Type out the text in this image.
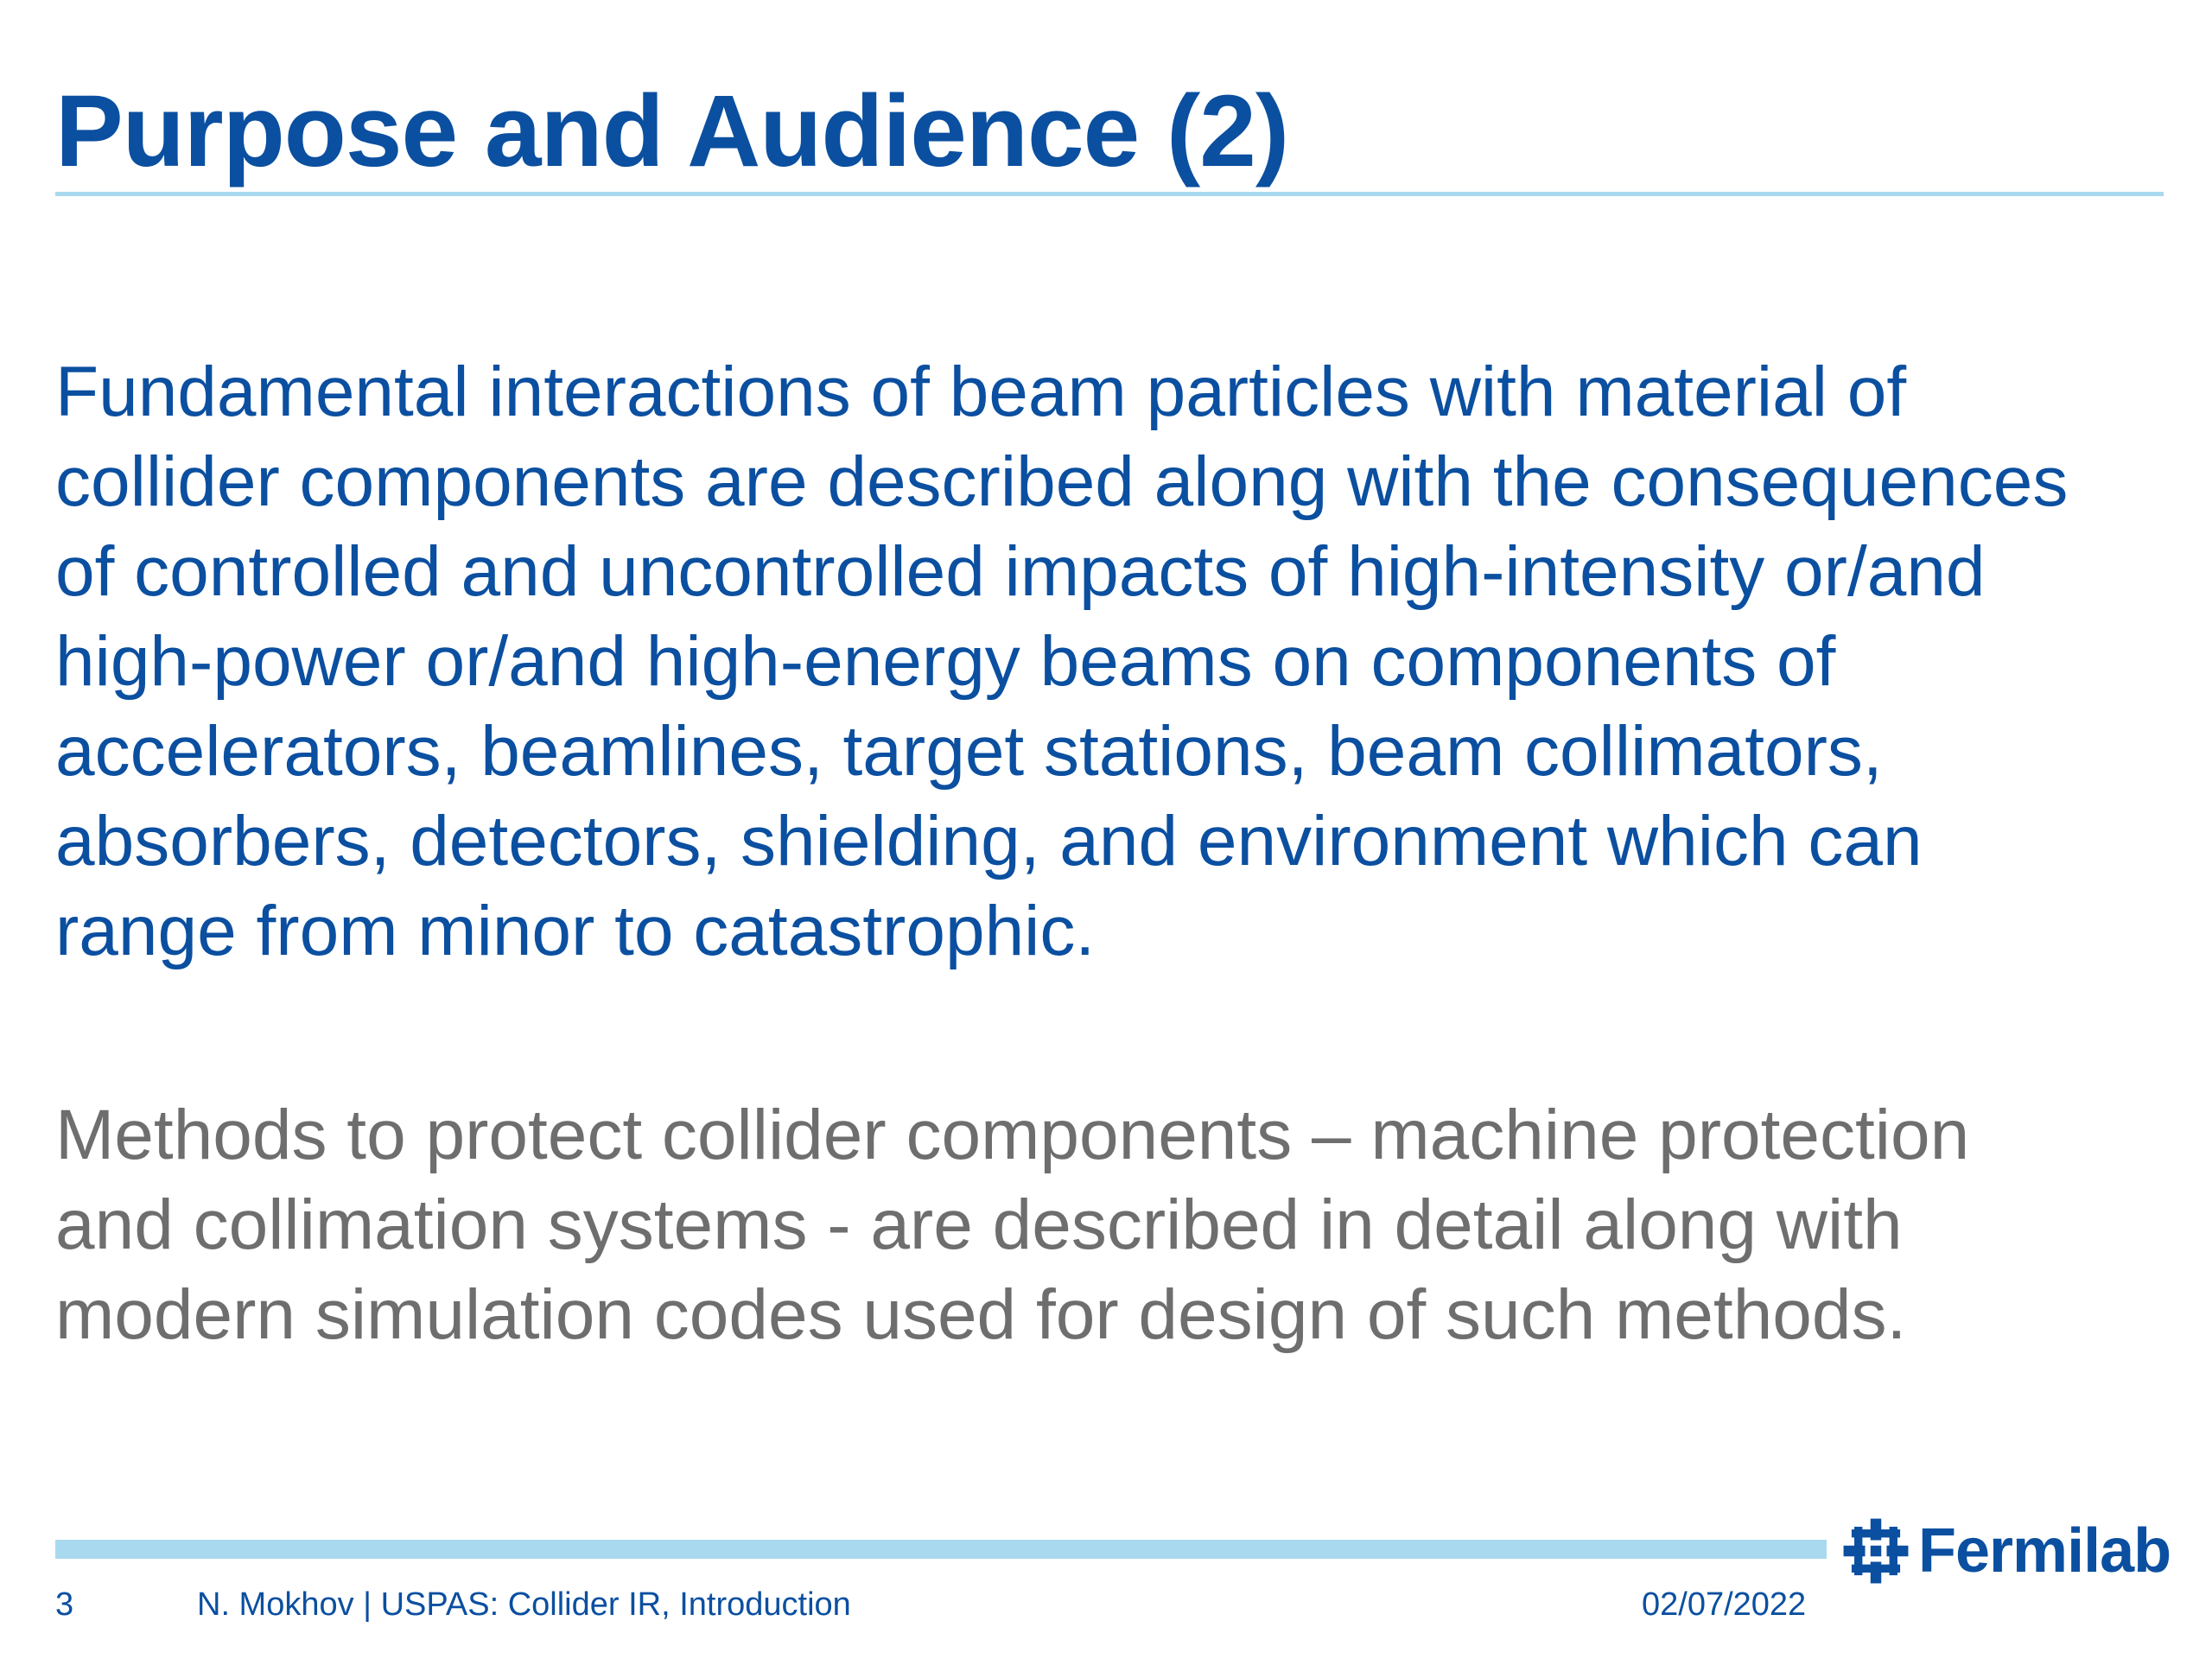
Purpose and Audience (2)

Fundamental interactions of beam particles with material of
collider components are described along with the consequences
of controlled and uncontrolled impacts of high-intensity or/and
high-power or/and high-energy beams on components of
accelerators, beamlines, target stations, beam collimators,
absorbers, detectors, shielding, and environment which can
range from minor to catastrophic.

Methods to protect collider components – machine protection
and collimation systems - are described in detail along with
modern simulation codes used for design of such methods.

Fermilab
3	N. Mokhov | USPAS: Collider IR, Introduction	02/07/2022
